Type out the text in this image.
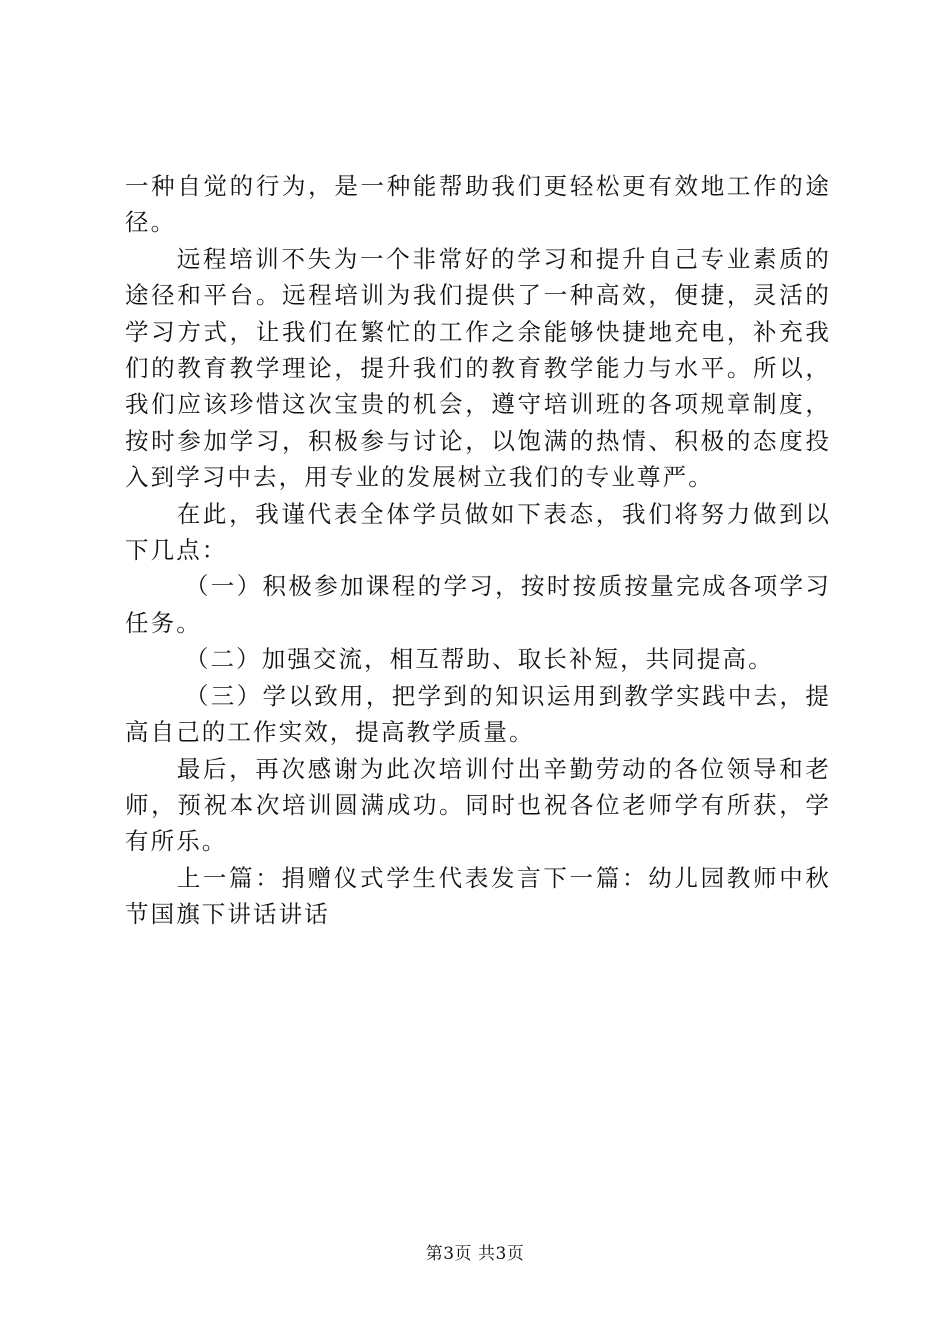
一种自觉的行为，是一种能帮助我们更轻松更有效地工作的途径。

远程培训不失为一个非常好的学习和提升自己专业素质的途径和平台。远程培训为我们提供了一种高效，便捷，灵活的学习方式，让我们在繁忙的工作之余能够快捷地充电，补充我们的教育教学理论，提升我们的教育教学能力与水平。所以，我们应该珍惜这次宝贵的机会，遵守培训班的各项规章制度，按时参加学习，积极参与讨论，以饱满的热情、积极的态度投入到学习中去，用专业的发展树立我们的专业尊严。

在此，我谨代表全体学员做如下表态，我们将努力做到以下几点：

（一）积极参加课程的学习，按时按质按量完成各项学习任务。

（二）加强交流，相互帮助、取长补短，共同提高。

（三）学以致用，把学到的知识运用到教学实践中去，提高自己的工作实效，提高教学质量。

最后，再次感谢为此次培训付出辛勤劳动的各位领导和老师，预祝本次培训圆满成功。同时也祝各位老师学有所获，学有所乐。

上一篇：捐赠仪式学生代表发言下一篇：幼儿园教师中秋节国旗下讲话讲话

第3页 共3页
